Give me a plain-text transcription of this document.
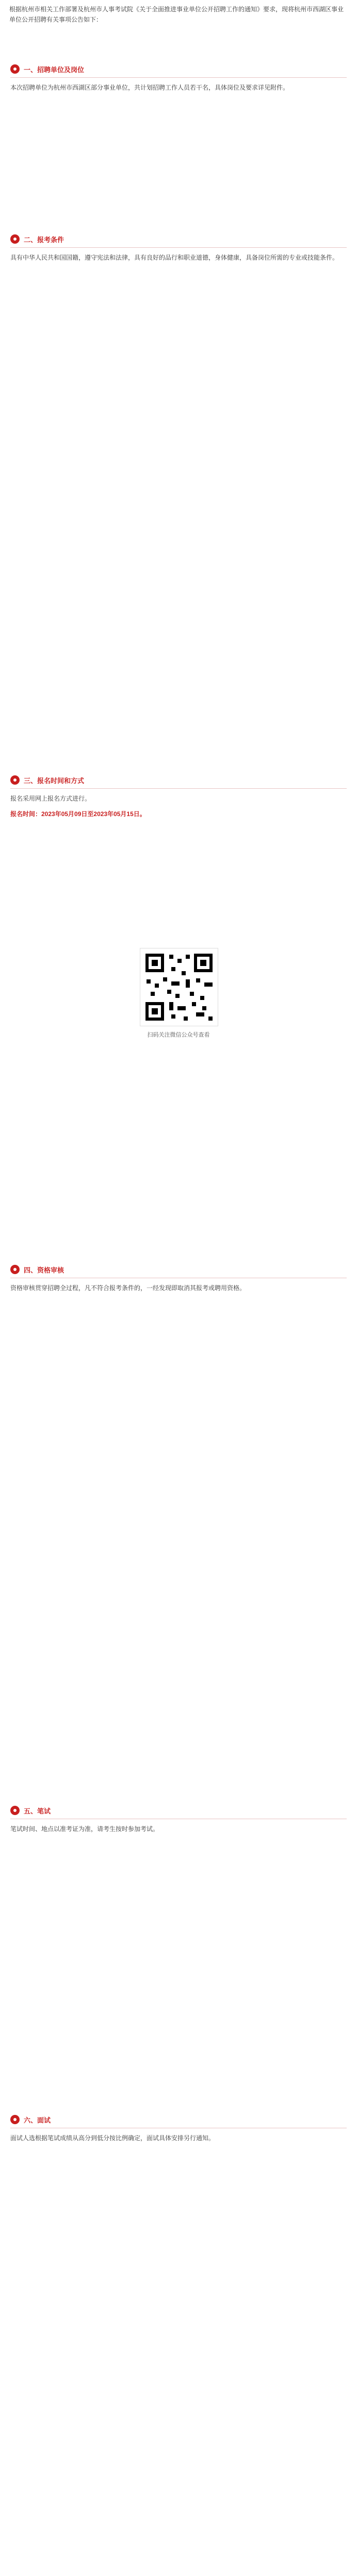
根据杭州市相关工作部署及杭州市人事考试院《关于全面推进事业单位公开招聘工作的通知》要求，现将杭州市西湖区事业单位公开招聘有关事项公告如下：
一、招聘单位及岗位
本次招聘单位为杭州市西湖区部分事业单位，共计划招聘工作人员若干名，具体岗位及要求详见附件。
二、报考条件
具有中华人民共和国国籍，遵守宪法和法律，具有良好的品行和职业道德，身体健康，具备岗位所需的专业或技能条件。
三、报名时间和方式
报名采用网上报名方式进行。
报名时间：2023年05月09日至2023年05月15日。
扫码关注微信公众号查看
四、资格审核
资格审核贯穿招聘全过程，凡不符合报考条件的，一经发现即取消其报考或聘用资格。
五、笔试
笔试时间、地点以准考证为准，请考生按时参加考试。
六、面试
面试人选根据笔试成绩从高分到低分按比例确定，面试具体安排另行通知。
